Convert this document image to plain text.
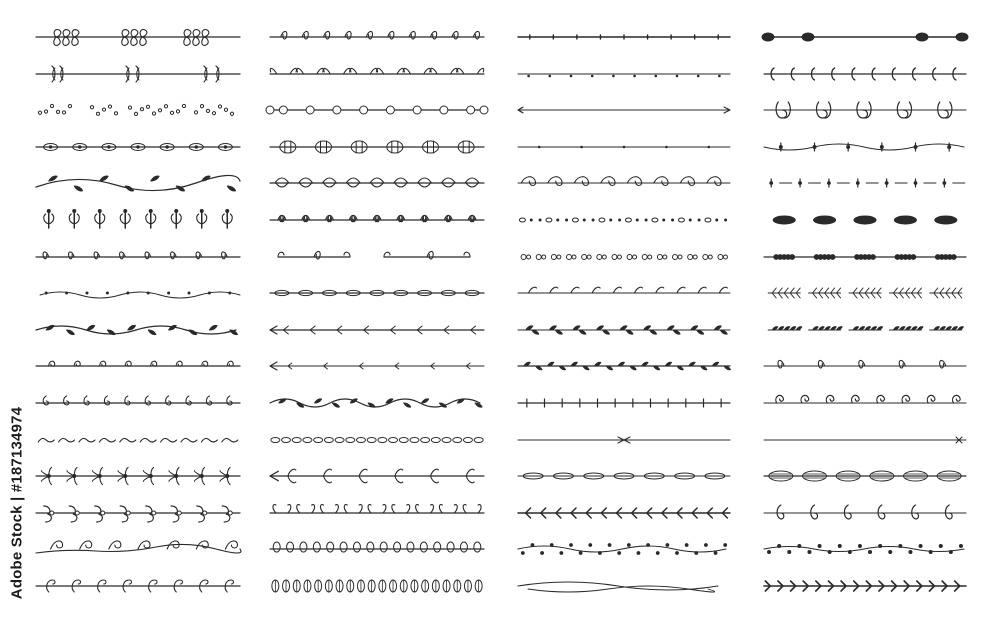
Adobe Stock | #187134974
